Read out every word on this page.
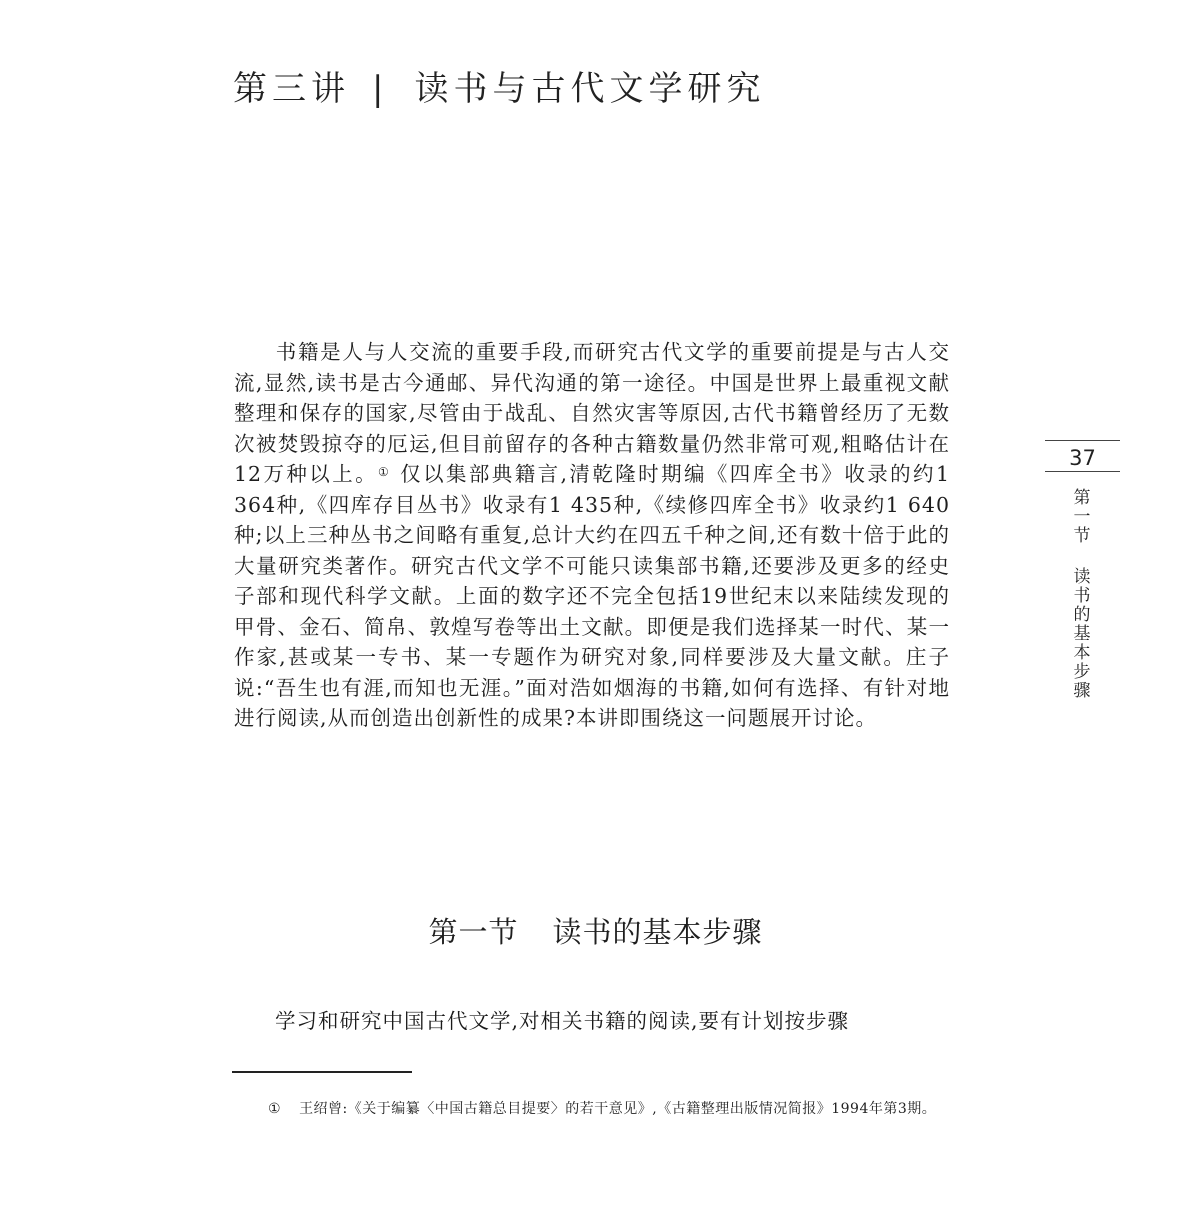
第三讲 | 读书与古代文学研究

书籍是人与人交流的重要手段,而研究古代文学的重要前提是与古人交流,显然,读书是古今通邮、异代沟通的第一途径。中国是世界上最重视文献整理和保存的国家,尽管由于战乱、自然灾害等原因,古代书籍曾经历了无数次被焚毁掠夺的厄运,但目前留存的各种古籍数量仍然非常可观,粗略估计在12万种以上。① 仅以集部典籍言,清乾隆时期编《四库全书》收录的约1 364种,《四库存目丛书》收录有1 435种,《续修四库全书》收录约1 640种;以上三种丛书之间略有重复,总计大约在四五千种之间,还有数十倍于此的大量研究类著作。研究古代文学不可能只读集部书籍,还要涉及更多的经史子部和现代科学文献。上面的数字还不完全包括19世纪末以来陆续发现的甲骨、金石、简帛、敦煌写卷等出土文献。即便是我们选择某一时代、某一作家,甚或某一专书、某一专题作为研究对象,同样要涉及大量文献。庄子说:“吾生也有涯,而知也无涯。”面对浩如烟海的书籍,如何有选择、有针对地进行阅读,从而创造出创新性的成果?本讲即围绕这一问题展开讨论。

第一节 读书的基本步骤

学习和研究中国古代文学,对相关书籍的阅读,要有计划按步骤

① 王绍曾:《关于编纂〈中国古籍总目提要〉的若干意见》,《古籍整理出版情况简报》1994年第3期。

37
第一节 读书的基本步骤
